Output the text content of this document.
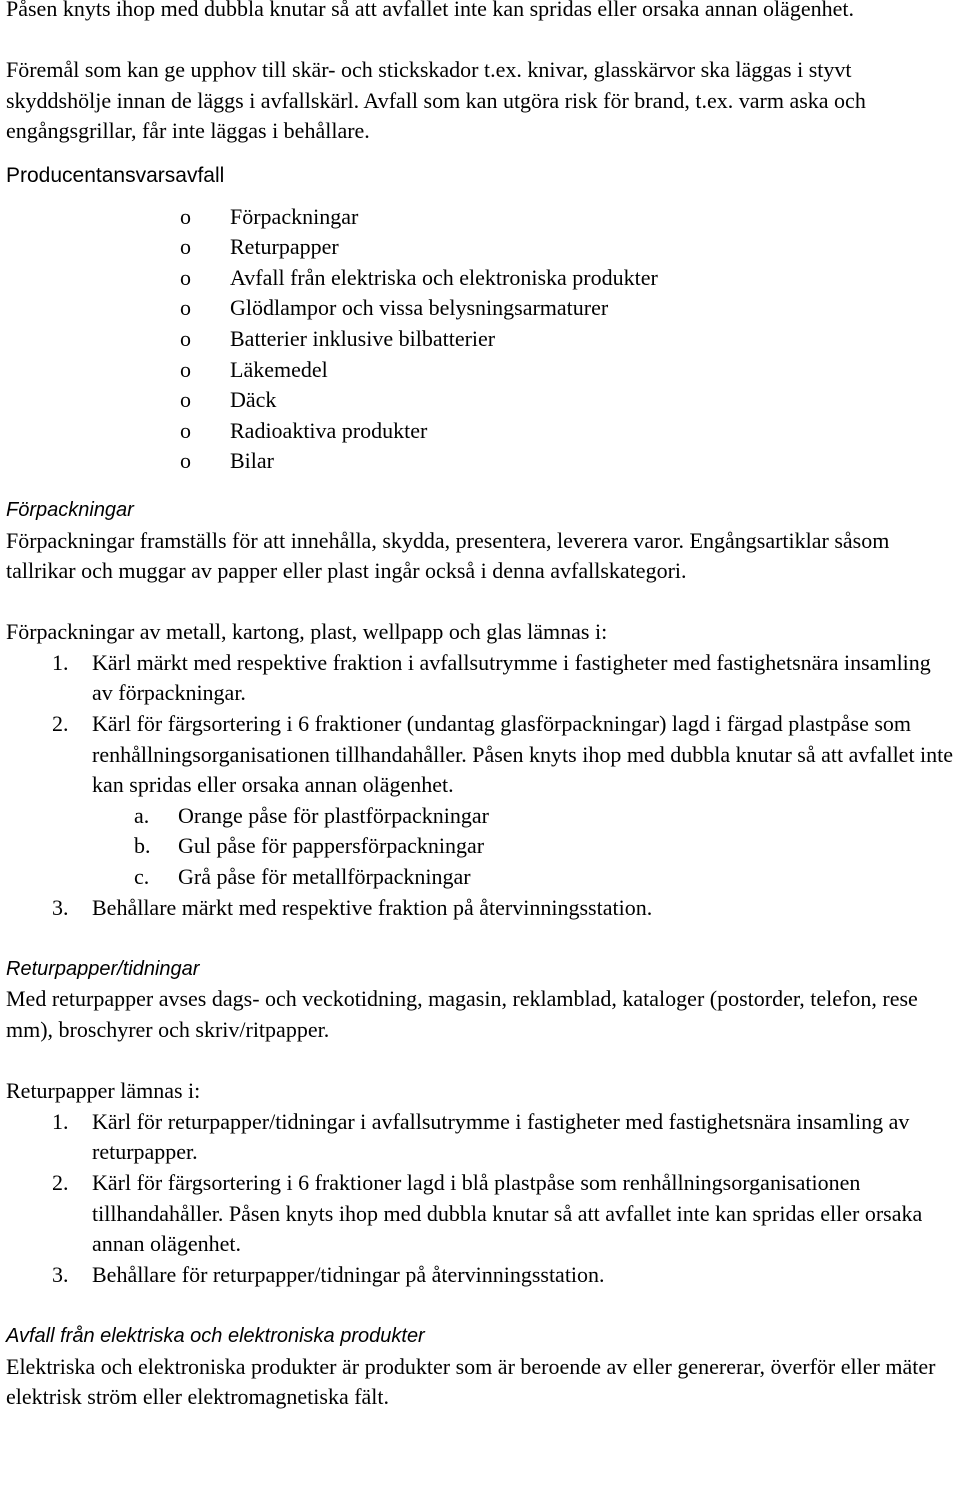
Påsen knyts ihop med dubbla knutar så att avfallet inte kan spridas eller orsaka annan olägenhet.

Föremål som kan ge upphov till skär- och stickskador t.ex. knivar, glasskärvor ska läggas i styvt skyddshölje innan de läggs i avfallskärl. Avfall som kan utgöra risk för brand, t.ex. varm aska och engångsgrillar, får inte läggas i behållare.

Producentansvarsavfall

o	Förpackningar
o	Returpapper
o	Avfall från elektriska och elektroniska produkter
o	Glödlampor och vissa belysningsarmaturer
o	Batterier inklusive bilbatterier
o	Läkemedel
o	Däck
o	Radioaktiva produkter
o	Bilar

Förpackningar

Förpackningar framställs för att innehålla, skydda, presentera, leverera varor. Engångsartiklar såsom tallrikar och muggar av papper eller plast ingår också i denna avfallskategori.

Förpackningar av metall, kartong, plast, wellpapp och glas lämnas i:

1.	Kärl märkt med respektive fraktion i avfallsutrymme i fastigheter med fastighetsnära insamling av förpackningar.
2.	Kärl för färgsortering i 6 fraktioner (undantag glasförpackningar) lagd i färgad plastpåse som renhållningsorganisationen tillhandahåller. Påsen knyts ihop med dubbla knutar så att avfallet inte kan spridas eller orsaka annan olägenhet.
a.	Orange påse för plastförpackningar
b.	Gul påse för pappersförpackningar
c.	Grå påse för metallförpackningar
3.	Behållare märkt med respektive fraktion på återvinningsstation.

Returpapper/tidningar

Med returpapper avses dags- och veckotidning, magasin, reklamblad, kataloger (postorder, telefon, rese mm), broschyrer och skriv/ritpapper.

Returpapper lämnas i:

1.	Kärl för returpapper/tidningar i avfallsutrymme i fastigheter med fastighetsnära insamling av returpapper.
2.	Kärl för färgsortering i 6 fraktioner lagd i blå plastpåse som renhållningsorganisationen tillhandahåller. Påsen knyts ihop med dubbla knutar så att avfallet inte kan spridas eller orsaka annan olägenhet.
3.	Behållare för returpapper/tidningar på återvinningsstation.

Avfall från elektriska och elektroniska produkter

Elektriska och elektroniska produkter är produkter som är beroende av eller genererar, överför eller mäter elektrisk ström eller elektromagnetiska fält.
